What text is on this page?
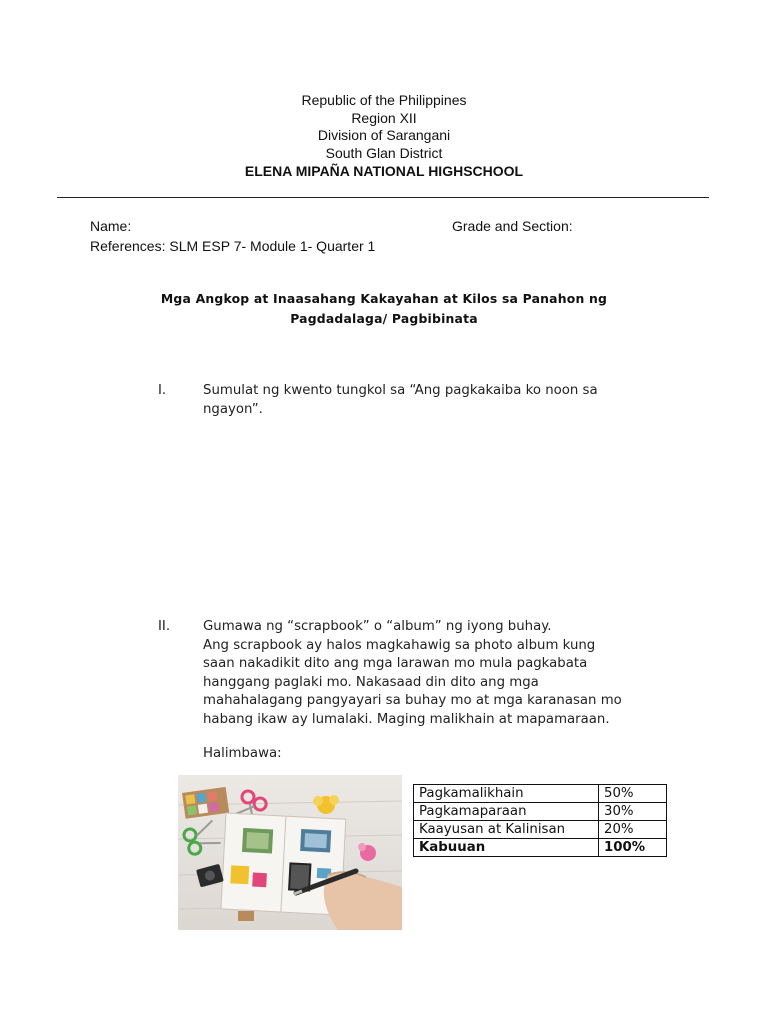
Republic of the Philippines
Region XII
Division of Sarangani
South Glan District
ELENA MIPAÑA NATIONAL HIGHSCHOOL
Name:	Grade and Section:
References: SLM ESP 7- Module 1- Quarter 1
Mga Angkop at Inaasahang Kakayahan at Kilos sa Panahon ng
Pagdadalaga/ Pagbibinata
I.	Sumulat ng kwento tungkol sa “Ang pagkakaiba ko noon sa
ngayon”.
II. Gumawa ng “scrapbook” o “album” ng iyong buhay.
Ang scrapbook ay halos magkahawig sa photo album kung
saan nakadikit dito ang mga larawan mo mula pagkabata
hanggang paglaki mo. Nakasaad din dito ang mga
mahahalagang pangyayari sa buhay mo at mga karanasan mo
habang ikaw ay lumalaki. Maging malikhain at mapamaraan.
Halimbawa:
Pagkamalikhain	50%
Pagkamaparaan	30%
Kaayusan at Kalinisan	20%
Kabuuan	100%
